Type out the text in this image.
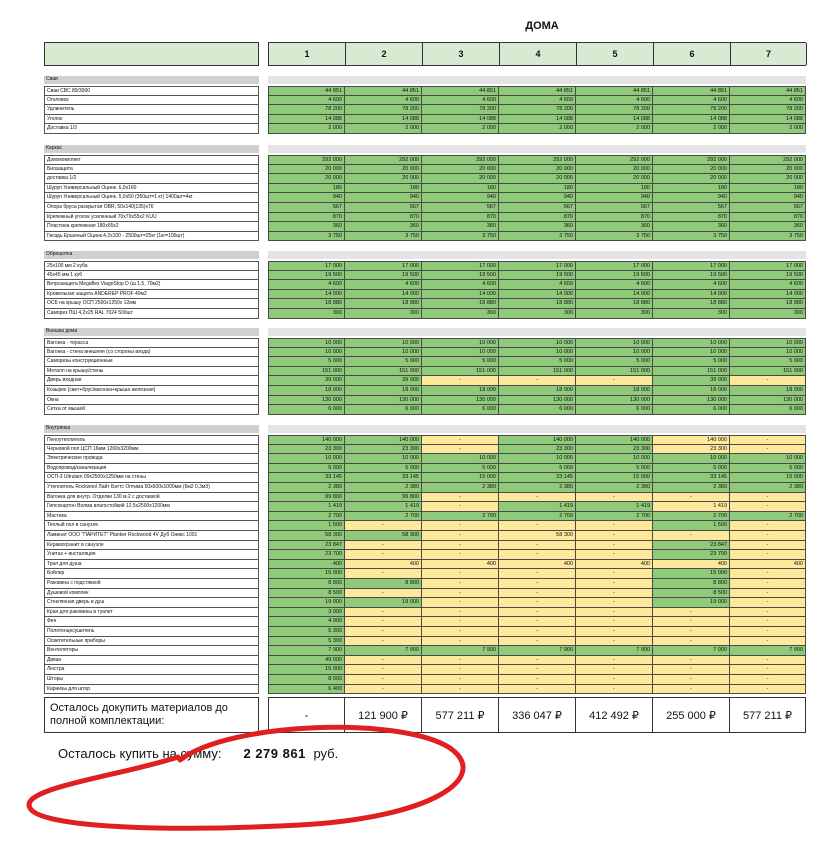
ДОМА
1	2	3	4	5	6	7
Сваи
Сваи СВС 89/3000	44 851	44 851	44 851	44 851	44 851	44 851	44 851
Оголовок	4 600	4 600	4 600	4 600	4 600	4 600	4 600
Удлинитель	78 200	78 200	78 200	78 200	78 200	78 200	78 200
Уголок	14 088	14 088	14 088	14 088	14 088	14 088	14 088
Доставка 1/3	2 000	2 000	2 000	2 000	2 000	2 000	2 000
Каркас
Домокомплект	292 000	292 000	292 000	292 000	292 000	292 000	292 000
Биозащита	20 000	20 000	20 000	20 000	20 000	20 000	20 000
доставка 1/2	20 000	20 000	20 000	20 000	20 000	20 000	20 000
Шуруп Универсальный Оцинк. 6,0х160	180	180	180	180	180	180	180
Шуруп Универсальный Оцинк. 5,0х50 (350шт=1 кг) 1400шт=4кг	940	940	940	940	940	940	940
Опора бруса раскрытая OBR, 50х140(135)х76	567	567	567	567	567	567	567
Крепежный уголок усиленный 70х70х55х2 KUU	870	870	870	870	870	870	870
Пластина крепежная 180х65х2	360	360	360	360	360	360	360
Гвоздь Ершеный Оцинк.4,2х100 - 2500шт=25кг (1кг=100шт)	3 750	3 750	3 750	3 750	3 750	3 750	3 750
Обрешотка
25х100 мм 2 куба	17 000	17 000	17 000	17 000	17 000	17 000	17 000
45х45 мм 1 куб	19 500	19 500	19 500	19 500	19 500	19 500	19 500
Ветрозащита Megaflex ViagoStop D (ш 1.5, 70м2)	4 600	4 600	4 600	4 600	4 600	4 600	4 600
Кровельная защита ANDEREP PROF 40м2	14 000	14 000	14 000	14 000	14 000	14 000	14 000
ОСБ на крышу ОСП 2500х1250х 12мм	18 880	18 880	18 880	18 880	18 880	18 880	18 880
Саморез ПШ 4,2х25 RAL 7024 500шт	300	300	300	300	300	300	300
Внешка дома
Вагонка - терасса	10 000	10 000	10 000	10 000	10 000	10 000	10 000
Вагонка - стена внешняя (со стороны входа)	10 000	10 000	10 000	10 000	10 000	10 000	10 000
Саморезы конструкционные	5 000	5 000	5 000	5 000	5 000	5 000	5 000
Металл на крышу/стены	151 000	151 000	151 000	151 000	151 000	151 000	151 000
Дверь входная	39 000	39 000	-	-	-	39 000	-
Козырек (свет+брус/вагонка+крыша железная)	18 000	18 000	18 000	18 000	18 000	18 000	18 000
Окна	130 000	130 000	130 000	130 000	130 000	130 000	130 000
Сетка от мышей	6 000	6 000	6 000	6 000	6 000	6 000	6 000
Внутрянка
Пеноутеплитель	140 000	140 000	-	140 000	140 000	140 000	-
Черновой пол ЦСП 16мм 1200х3200мм	23 300	23 300	-	23 300	23 300	23 300	-
Электрические провода	10 000	10 000	10 000	10 000	10 000	10 000	10 000
Водопровод/канализация	5 000	5 000	5 000	5 000	5 000	5 000	5 000
ОСП-3 Ultralam 09х2500х1250мм на стены	33 145	33 145	15 000	33 145	15 000	33 145	15 000
Утеплитель Rockwool Лайт Баттс Оптима 50х600х1000мм (6м2 0,3м3)	2 380	2 380	2 380	2 380	2 380	2 380	2 380
Вагонка для внутр. Отделки 130 м.2 с доставкой	99 800	99 800	-	-	-	-	-
Гипсокартон Волма влагостойкий 12,5х2500х1200мм	1 419	1 419	-	1 419	1 419	1 419	-
Мастика	2 700	2 700	2 700	2 700	2 700	2 700	2 700
Теплый пол в санузле	1 500	-	-	-	-	1 500	-
Ламинат ООО "ПАРИТЕТ" Planker Rockwood 4V Дуб Оникс 1001	58 300	58 300	-	58 300	-	-	-
Керамогранит в санузле	23 847	-	-	-	-	23 847	-
Унитаз + инсталяция	23 700	-	-	-	-	23 700	-
Трап для душа	400	400	400	400	400	400	400
Бойлер	15 000	-	-	-	-	15 000	-
Раковина с подстявкой	8 800	8 800	-	-	-	8 800	-
Душевой комплек	8 500	-	-	-	-	8 500	-
Стеклянная дверь в душ	19 000	19 000	-	-	-	19 000	-
Кран для раковины в туалет	3 000	-	-	-	-	-	-
Фен	4 900	-	-	-	-	-	-
Полотенцесушитель	5 300	-	-	-	-	-	-
Осветительные приборы	5 300	-	-	-	-	-	-
Вентиляторы	7 900	7 900	7 900	7 900	7 900	7 900	7 900
Диван	49 000	-	-	-	-	-	-
Люстра	15 000	-	-	-	-	-	-
Шторы	8 000	-	-	-	-	-	-
Карнизы для штор	6 400	-	-	-	-	-	-
Осталось докупить материалов до
полной комплектации:	-	121 900 ₽	577 211 ₽	336 047 ₽	412 492 ₽	255 000 ₽	577 211 ₽
Осталось купить на сумму: 2 279 861 руб.
